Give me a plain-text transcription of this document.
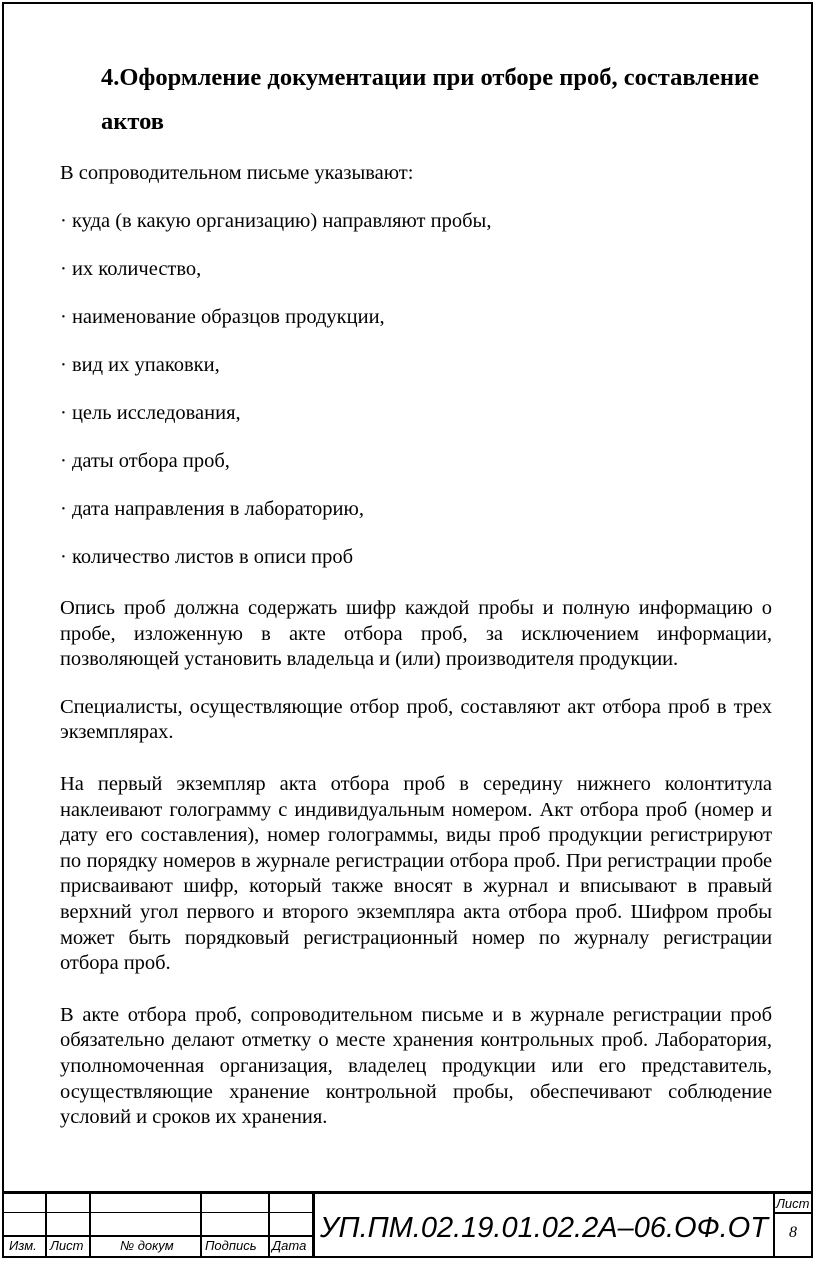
4.Оформление документации при отборе проб, составление актов

В сопроводительном письме указывают:

· куда (в какую организацию) направляют пробы,
· их количество,
· наименование образцов продукции,
· вид их упаковки,
· цель исследования,
· даты отбора проб,
· дата направления в лабораторию,
· количество листов в описи проб

Опись проб должна содержать шифр каждой пробы и полную информацию о пробе, изложенную в акте отбора проб, за исключением информации, позволяющей установить владельца и (или) производителя продукции.

Специалисты, осуществляющие отбор проб, составляют акт отбора проб в трех экземплярах.

На первый экземпляр акта отбора проб в середину нижнего колонтитула наклеивают голограмму с индивидуальным номером. Акт отбора проб (номер и дату его составления), номер голограммы, виды проб продукции регистрируют по порядку номеров в журнале регистрации отбора проб. При регистрации пробе присваивают шифр, который также вносят в журнал и вписывают в правый верхний угол первого и второго экземпляра акта отбора проб. Шифром пробы может быть порядковый регистрационный номер по журналу регистрации отбора проб.

В акте отбора проб, сопроводительном письме и в журнале регистрации проб обязательно делают отметку о месте хранения контрольных проб. Лаборатория, уполномоченная организация, владелец продукции или его представитель, осуществляющие хранение контрольной пробы, обеспечивают соблюдение условий и сроков их хранения.

Изм. Лист	№ докум Подпись Дата
УП.ПМ.02.19.01.02.2А–06.ОФ.ОТ
Лист
8
